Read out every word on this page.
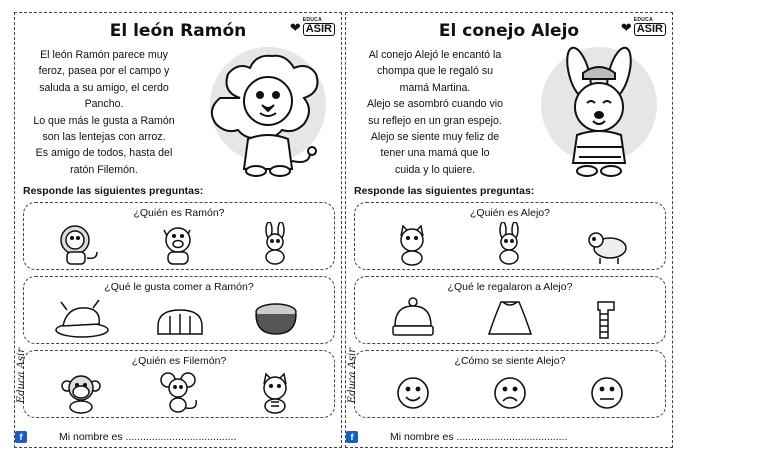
El león Ramón	❤ EDUCA
ASIR
El león Ramón parece muy
feroz, pasea por el campo y
saluda a su amigo, el cerdo
Pancho.
Lo que más le gusta a Ramón
son las lentejas con arroz.
Es amigo de todos, hasta del
ratón Filemón.
Responde las siguientes preguntas:
¿Quién es Ramón?
¿Qué le gusta comer a Ramón?
¿Quién es Filemón?
Mi nombre es ......................................
Educa Asir
f
El conejo Alejo	❤ EDUCA
ASIR
Al conejo Alejó le encantó la
chompa que le regaló su
mamá Martina.
Alejo se asombró cuando vio
su reflejo en un gran espejo.
Alejo se siente muy feliz de
tener una mamá que lo
cuida y lo quiere.
Responde las siguientes preguntas:
¿Quién es Alejo?
¿Qué le regalaron a Alejo?
¿Cómo se siente Alejo?
Mi nombre es ......................................
Educa Asir
f
